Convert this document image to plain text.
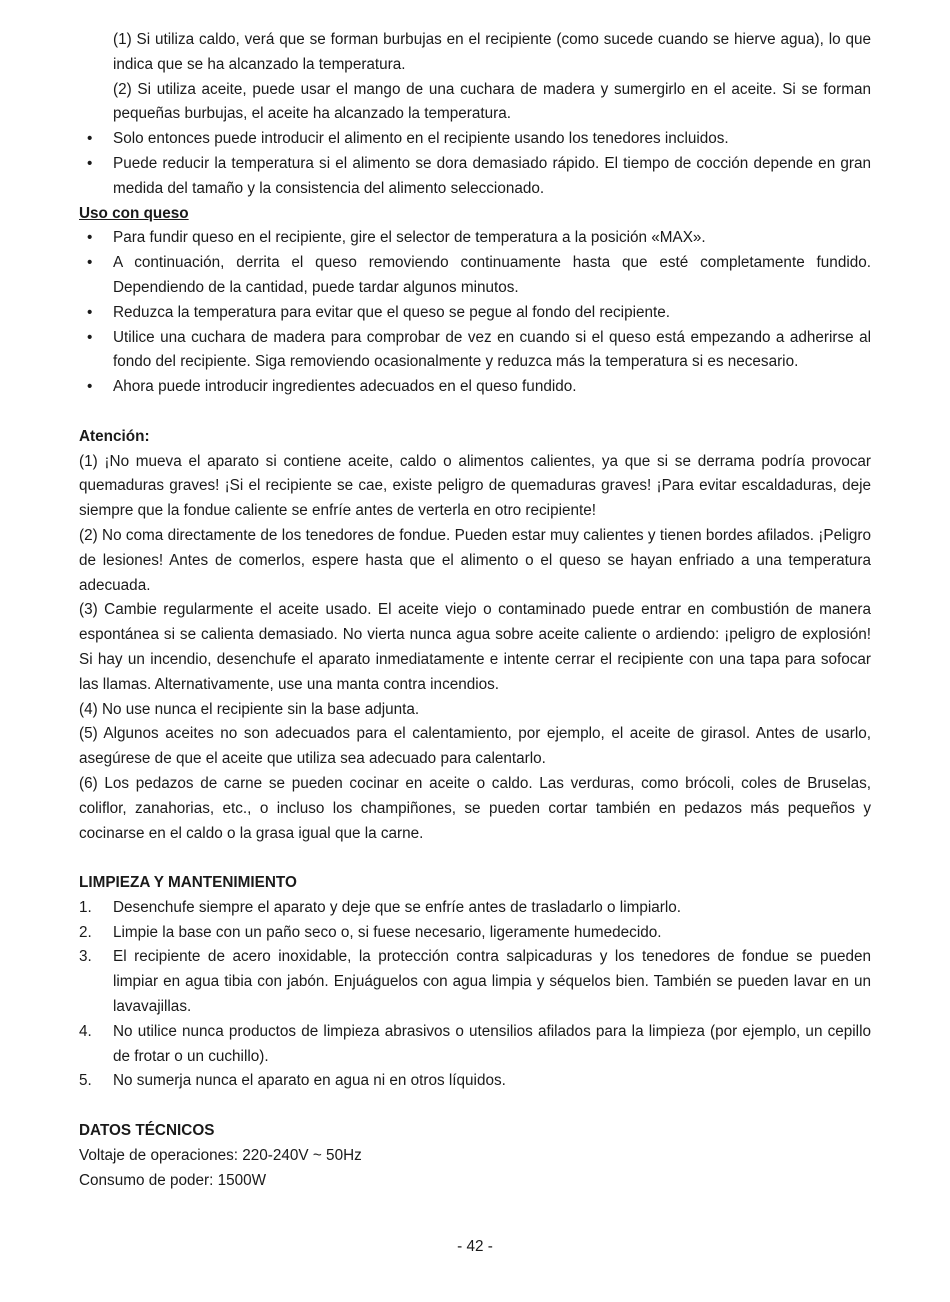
(1) Si utiliza caldo, verá que se forman burbujas en el recipiente (como sucede cuando se hierve agua), lo que indica que se ha alcanzado la temperatura.

(2) Si utiliza aceite, puede usar el mango de una cuchara de madera y sumergirlo en el aceite. Si se forman pequeñas burbujas, el aceite ha alcanzado la temperatura.

• Solo entonces puede introducir el alimento en el recipiente usando los tenedores incluidos.
• Puede reducir la temperatura si el alimento se dora demasiado rápido. El tiempo de cocción depende en gran medida del tamaño y la consistencia del alimento seleccionado.

Uso con queso

• Para fundir queso en el recipiente, gire el selector de temperatura a la posición «MAX».
• A continuación, derrita el queso removiendo continuamente hasta que esté completamente fundido. Dependiendo de la cantidad, puede tardar algunos minutos.
• Reduzca la temperatura para evitar que el queso se pegue al fondo del recipiente.
• Utilice una cuchara de madera para comprobar de vez en cuando si el queso está empezando a adherirse al fondo del recipiente. Siga removiendo ocasionalmente y reduzca más la temperatura si es necesario.
• Ahora puede introducir ingredientes adecuados en el queso fundido.

Atención:

(1) ¡No mueva el aparato si contiene aceite, caldo o alimentos calientes, ya que si se derrama podría provocar quemaduras graves! ¡Si el recipiente se cae, existe peligro de quemaduras graves! ¡Para evitar escaldaduras, deje siempre que la fondue caliente se enfríe antes de verterla en otro recipiente!

(2) No coma directamente de los tenedores de fondue. Pueden estar muy calientes y tienen bordes afilados. ¡Peligro de lesiones! Antes de comerlos, espere hasta que el alimento o el queso se hayan enfriado a una temperatura adecuada.

(3) Cambie regularmente el aceite usado. El aceite viejo o contaminado puede entrar en combustión de manera espontánea si se calienta demasiado. No vierta nunca agua sobre aceite caliente o ardiendo: ¡peligro de explosión! Si hay un incendio, desenchufe el aparato inmediatamente e intente cerrar el recipiente con una tapa para sofocar las llamas. Alternativamente, use una manta contra incendios.

(4) No use nunca el recipiente sin la base adjunta.

(5) Algunos aceites no son adecuados para el calentamiento, por ejemplo, el aceite de girasol. Antes de usarlo, asegúrese de que el aceite que utiliza sea adecuado para calentarlo.

(6) Los pedazos de carne se pueden cocinar en aceite o caldo. Las verduras, como brócoli, coles de Bruselas, coliflor, zanahorias, etc., o incluso los champiñones, se pueden cortar también en pedazos más pequeños y cocinarse en el caldo o la grasa igual que la carne.

LIMPIEZA Y MANTENIMIENTO

1. Desenchufe siempre el aparato y deje que se enfríe antes de trasladarlo o limpiarlo.
2. Limpie la base con un paño seco o, si fuese necesario, ligeramente humedecido.
3. El recipiente de acero inoxidable, la protección contra salpicaduras y los tenedores de fondue se pueden limpiar en agua tibia con jabón. Enjuáguelos con agua limpia y séquelos bien. También se pueden lavar en un lavavajillas.
4. No utilice nunca productos de limpieza abrasivos o utensilios afilados para la limpieza (por ejemplo, un cepillo de frotar o un cuchillo).
5. No sumerja nunca el aparato en agua ni en otros líquidos.

DATOS TÉCNICOS

Voltaje de operaciones: 220-240V ~ 50Hz

Consumo de poder: 1500W

- 42 -
